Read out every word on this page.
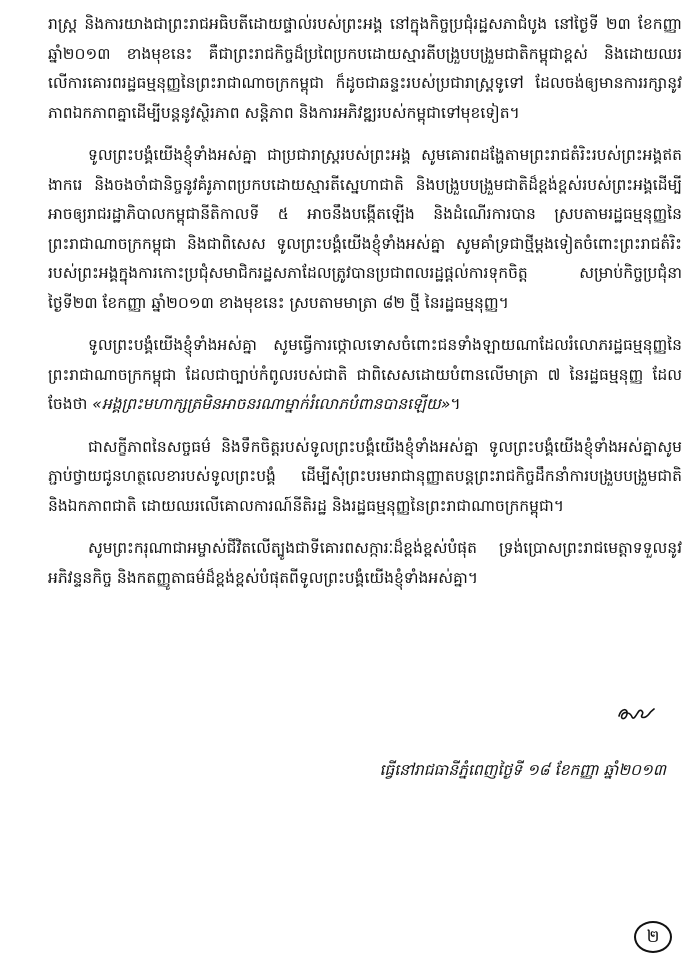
រាស្ត្រ និងការយាងជាព្រះរាជអធិបតីដោយផ្ទាល់របស់ព្រះអង្គ នៅក្នុងកិច្ចប្រជុំរដ្ឋសភាជំបូង នៅថ្ងៃទី ២៣ ខែកញ្ញា ឆ្នាំ២០១៣ ខាងមុខនេះ គឺជាព្រះរាជកិច្ចដ៏ប្រពៃប្រកបដោយស្មារតីបង្រួបបង្រួមជាតិកម្ពុជាខ្ពស់ និងដោយឈរលើការគោរពរដ្ឋធម្មនុញ្ញនៃព្រះរាជាណាចក្រកម្ពុជា ក៏ដូចជាឆន្ទះរបស់ប្រជារាស្ត្រទូទៅ ដែលចង់ឲ្យមានការរក្សានូវភាពឯកភាពគ្នាដើម្បីបន្តនូវស្ថិរភាព សន្តិភាព និងការអភិវឌ្ឍរបស់កម្ពុជាទៅមុខទៀត។

ទូលព្រះបង្គំយើងខ្ញុំទាំងអស់គ្នា ជាប្រជារាស្ត្ររបស់ព្រះអង្គ សូមគោរពដង្ហែតាមព្រះរាជតំរិះរបស់ព្រះអង្គឥតងាករេ និងចងចាំជានិច្ចនូវគំរូភាពប្រកបដោយស្មារតីស្នេហាជាតិ និងបង្រួបបង្រួមជាតិដ៏ខ្ពង់ខ្ពស់របស់ព្រះអង្គដើម្បីអាចឲ្យរាជរដ្ឋាភិបាលកម្ពុជានីតិកាលទី ៥ អាចនឹងបង្កើតឡើង និងដំណើរការបាន ស្របតាមរដ្ឋធម្មនុញ្ញនៃព្រះរាជាណាចក្រកម្ពុជា និងជាពិសេស ទូលព្រះបង្គំយើងខ្ញុំទាំងអស់គ្នា សូមគាំទ្រជាថ្មីម្តងទៀតចំពោះព្រះរាជតំរិះរបស់ព្រះអង្គក្នុងការកោះប្រជុំសមាជិករដ្ឋសភាដែលត្រូវបានប្រជាពលរដ្ឋផ្តល់ការទុកចិត្ត សម្រាប់កិច្ចប្រជុំនាថ្ងៃទី២៣ ខែកញ្ញា ឆ្នាំ២០១៣ ខាងមុខនេះ ស្របតាមមាត្រា ៨២ ថ្មី នៃរដ្ឋធម្មនុញ្ញ។

ទូលព្រះបង្គំយើងខ្ញុំទាំងអស់គ្នា សូមធ្វើការថ្កោលទោសចំពោះជនទាំងឡាយណាដែលរំលោភរដ្ឋធម្មនុញ្ញនៃព្រះរាជាណាចក្រកម្ពុជា ដែលជាច្បាប់កំពូលរបស់ជាតិ ជាពិសេសដោយបំពានលើមាត្រា ៧ នៃរដ្ឋធម្មនុញ្ញ ដែលចែងថា «អង្គព្រះមហាក្សត្រមិនអាចនរណាម្នាក់រំលោភបំពានបានឡើយ»។

ជាសក្ខីភាពនៃសច្ចធម៌ និងទឹកចិត្តរបស់ទូលព្រះបង្គំយើងខ្ញុំទាំងអស់គ្នា ទូលព្រះបង្គំយើងខ្ញុំទាំងអស់គ្នាសូមភ្ជាប់ថ្វាយជូនហត្ថលេខារបស់ទូលព្រះបង្គំ ដើម្បីសុំព្រះបរមរាជានុញ្ញាតបន្តព្រះរាជកិច្ចដឹកនាំការបង្រួបបង្រួមជាតិ និងឯកភាពជាតិ ដោយឈរលើគោលការណ៍នីតិរដ្ឋ និងរដ្ឋធម្មនុញ្ញនៃព្រះរាជាណាចក្រកម្ពុជា។

សូមព្រះករុណាជាអម្ចាស់ជីវិតលើត្បូងជាទីគោរពសក្ការៈដ៏ខ្ពង់ខ្ពស់បំផុត ទ្រង់ប្រោសព្រះរាជមេត្តាទទួលនូវអភិវន្ទនកិច្ច និងកតញ្ញូតាធម៌ដ៏ខ្ពង់ខ្ពស់បំផុតពីទូលព្រះបង្គំយើងខ្ញុំទាំងអស់គ្នា។

ធ្វើនៅរាជធានីភ្នំពេញថ្ងៃទី ១៨ ខែកញ្ញា ឆ្នាំ២០១៣
២
